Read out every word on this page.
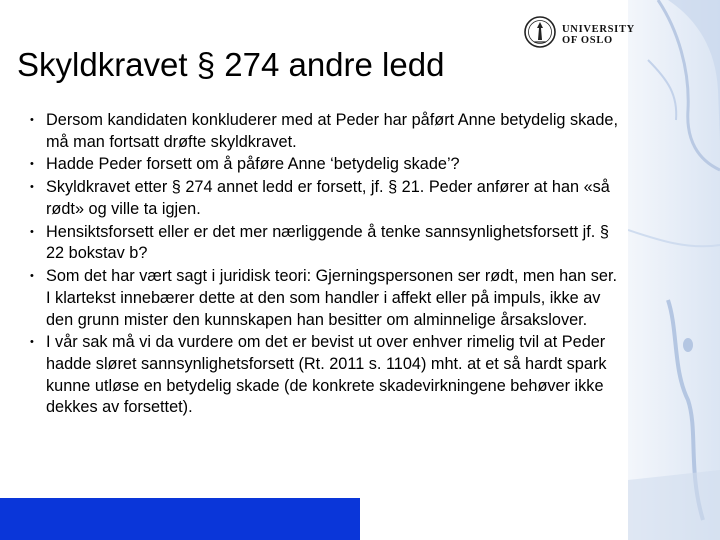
UNIVERSITY
OF OSLO
Skyldkravet § 274 andre ledd
• Dersom kandidaten konkluderer med at Peder har påført Anne betydelig skade, må man fortsatt drøfte skyldkravet.
• Hadde Peder forsett om å påføre Anne ‘betydelig skade’?
• Skyldkravet etter § 274 annet ledd er forsett, jf. § 21. Peder anfører at han «så rødt» og ville ta igjen.
• Hensiktsforsett eller er det mer nærliggende å tenke sannsynlighetsforsett jf. § 22 bokstav b?
• Som det har vært sagt i juridisk teori: Gjerningspersonen ser rødt, men han ser. I klartekst innebærer dette at den som handler i affekt eller på impuls, ikke av den grunn mister den kunnskapen han besitter om alminnelige årsakslover.
• I vår sak må vi da vurdere om det er bevist ut over enhver rimelig tvil at Peder hadde sløret sannsynlighetsforsett (Rt. 2011 s. 1104) mht. at et så hardt spark kunne utløse en betydelig skade (de konkrete skadevirkningene behøver ikke dekkes av forsettet).
